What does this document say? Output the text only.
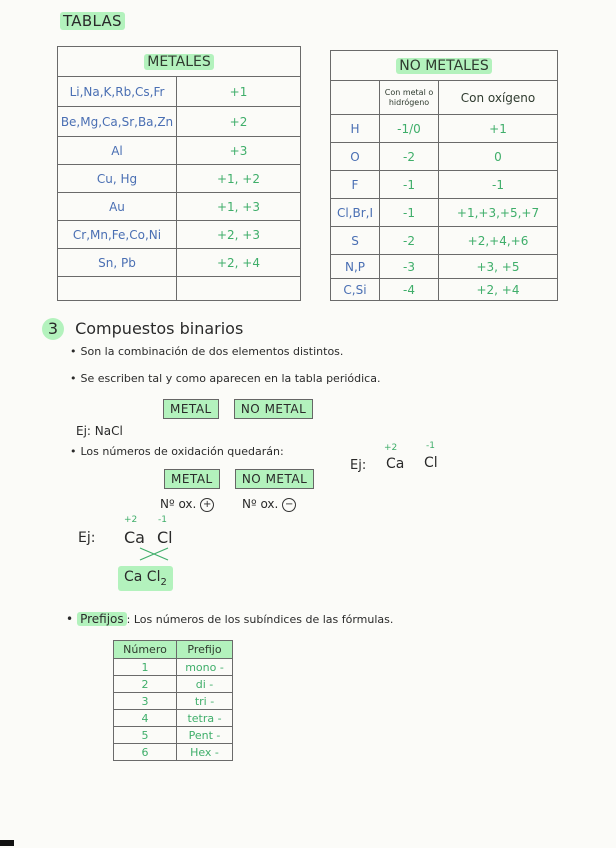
TABLAS
METALES	
Li,Na,K,Rb,Cs,Fr	+1
Be,Mg,Ca,Sr,Ba,Zn	+2
Al	+3
Cu, Hg	+1, +2
Au	+1, +3
Cr,Mn,Fe,Co,Ni	+2, +3
Sn, Pb	+2, +4

NO METALES		
	Con metal o hidrógeno	Con oxígeno
H	-1/0	+1
O	-2	0
F	-1	-1
Cl,Br,I	-1	+1,+3,+5,+7
S	-2	+2,+4,+6
N,P	-3	+3, +5
C,Si	-4	+2, +4
3 Compuestos binarios
• Son la combinación de dos elementos distintos.
• Se escriben tal y como aparecen en la tabla periódica.
METAL NO METAL
Ej: NaCl
• Los números de oxidación quedarán:
Ej:
+2	-1
Ca Cl
METAL NO METAL
Nº ox. +	Nº ox. −
Ej:
+2 -1
Ca Cl
Ca $Cl_2$
• Prefijos : Los números de los subíndices de las fórmulas.
Número	Prefijo
1	mono -
2	di -
3	tri -
4	tetra -
5	Pent -
6	Hex -
